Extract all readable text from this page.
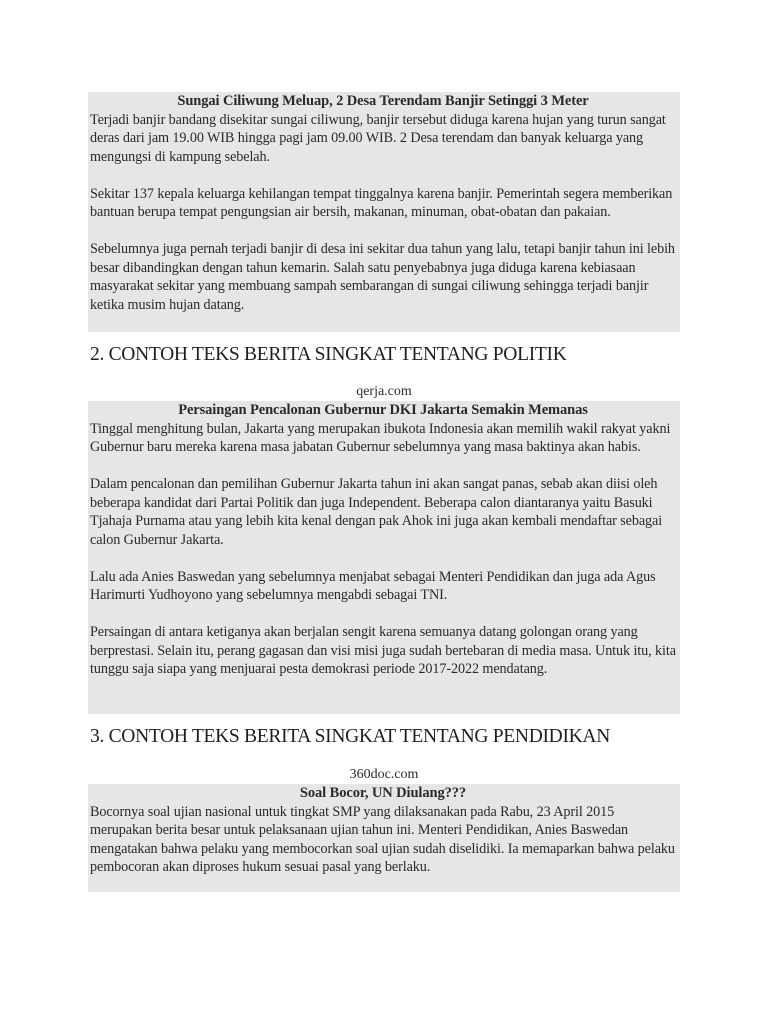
Sungai Ciliwung Meluap, 2 Desa Terendam Banjir Setinggi 3 Meter

Terjadi banjir bandang disekitar sungai ciliwung, banjir tersebut diduga karena hujan yang turun sangat deras dari jam 19.00 WIB hingga pagi jam 09.00 WIB. 2 Desa terendam dan banyak keluarga yang mengungsi di kampung sebelah.

Sekitar 137 kepala keluarga kehilangan tempat tinggalnya karena banjir. Pemerintah segera memberikan bantuan berupa tempat pengungsian air bersih, makanan, minuman, obat-obatan dan pakaian.

Sebelumnya juga pernah terjadi banjir di desa ini sekitar dua tahun yang lalu, tetapi banjir tahun ini lebih besar dibandingkan dengan tahun kemarin. Salah satu penyebabnya juga diduga karena kebiasaan masyarakat sekitar yang membuang sampah sembarangan di sungai ciliwung sehingga terjadi banjir ketika musim hujan datang.

2. CONTOH TEKS BERITA SINGKAT TENTANG POLITIK
qerja.com

Persaingan Pencalonan Gubernur DKI Jakarta Semakin Memanas

Tinggal menghitung bulan, Jakarta yang merupakan ibukota Indonesia akan memilih wakil rakyat yakni Gubernur baru mereka karena masa jabatan Gubernur sebelumnya yang masa baktinya akan habis.

Dalam pencalonan dan pemilihan Gubernur Jakarta tahun ini akan sangat panas, sebab akan diisi oleh beberapa kandidat dari Partai Politik dan juga Independent. Beberapa calon diantaranya yaitu Basuki Tjahaja Purnama atau yang lebih kita kenal dengan pak Ahok ini juga akan kembali mendaftar sebagai calon Gubernur Jakarta.

Lalu ada Anies Baswedan yang sebelumnya menjabat sebagai Menteri Pendidikan dan juga ada Agus Harimurti Yudhoyono yang sebelumnya mengabdi sebagai TNI.

Persaingan di antara ketiganya akan berjalan sengit karena semuanya datang golongan orang yang berprestasi. Selain itu, perang gagasan dan visi misi juga sudah bertebaran di media masa. Untuk itu, kita tunggu saja siapa yang menjuarai pesta demokrasi periode 2017-2022 mendatang.

3. CONTOH TEKS BERITA SINGKAT TENTANG PENDIDIKAN
360doc.com

Soal Bocor, UN Diulang???

Bocornya soal ujian nasional untuk tingkat SMP yang dilaksanakan pada Rabu, 23 April 2015 merupakan berita besar untuk pelaksanaan ujian tahun ini. Menteri Pendidikan, Anies Baswedan mengatakan bahwa pelaku yang membocorkan soal ujian sudah diselidiki. Ia memaparkan bahwa pelaku pembocoran akan diproses hukum sesuai pasal yang berlaku.
